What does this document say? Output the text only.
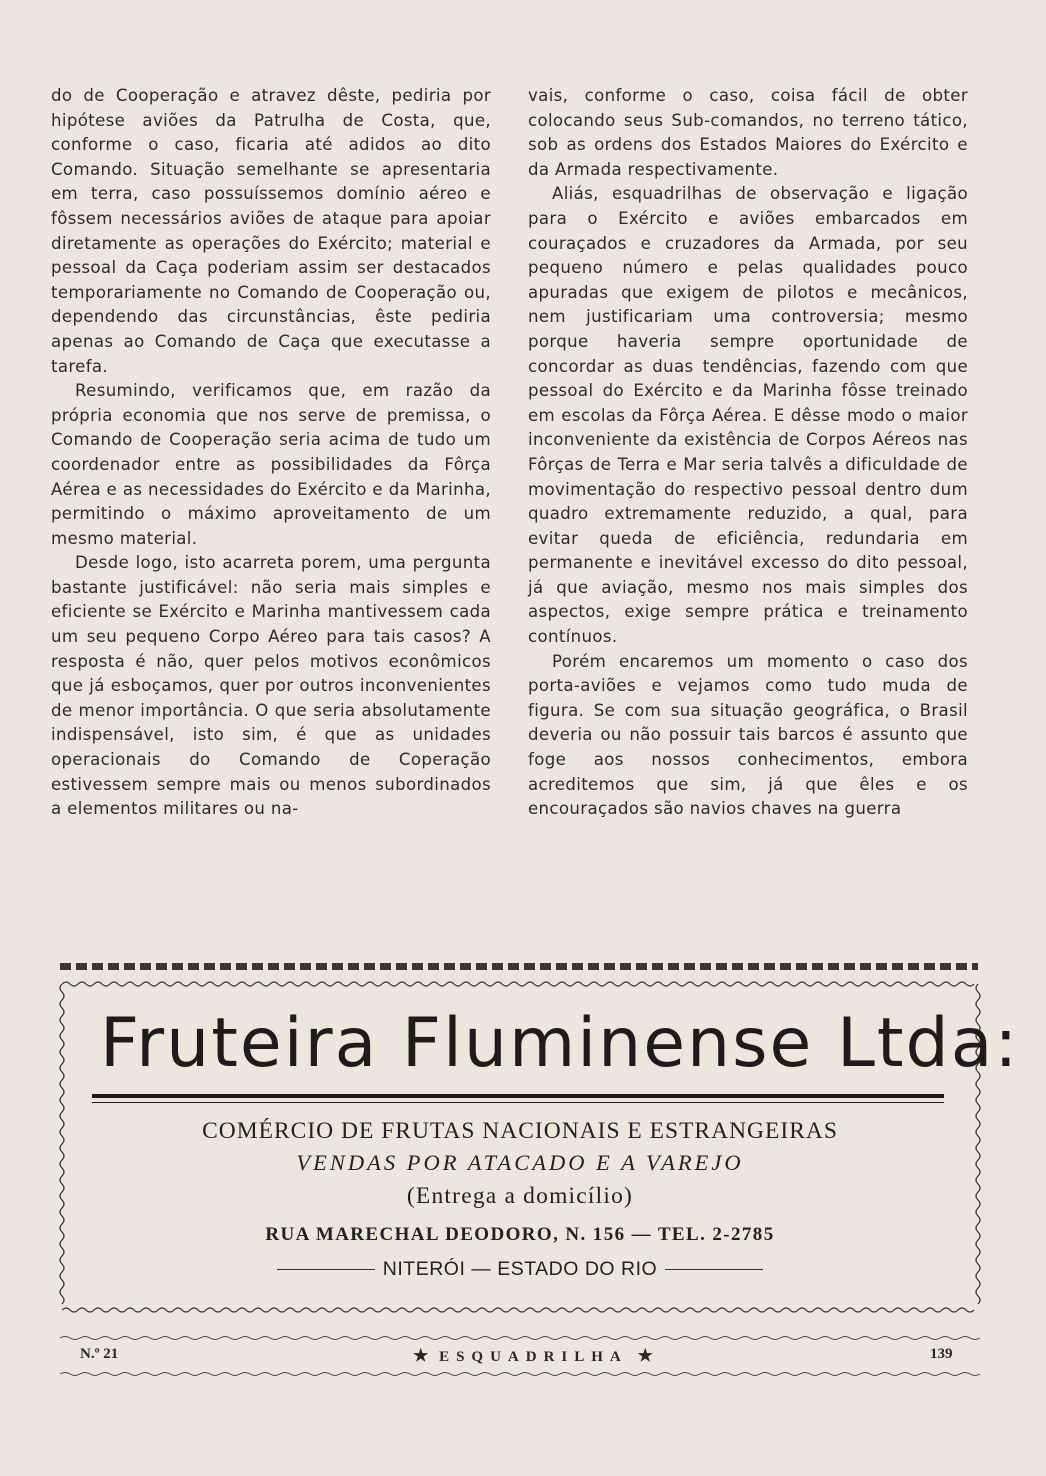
do de Cooperação e atravez dêste, pediria por hipótese aviões da Patrulha de Costa, que, conforme o caso, ficaria até adidos ao dito Comando. Situação semelhante se apresentaria em terra, caso possuíssemos domínio aéreo e fôssem necessários aviões de ataque para apoiar diretamente as operações do Exército; material e pessoal da Caça poderiam assim ser destacados temporariamente no Comando de Cooperação ou, dependendo das circunstâncias, êste pediria apenas ao Comando de Caça que executasse a tarefa.

Resumindo, verificamos que, em razão da própria economia que nos serve de premissa, o Comando de Cooperação seria acima de tudo um coordenador entre as possibilidades da Fôrça Aérea e as necessidades do Exército e da Marinha, permitindo o máximo aproveitamento de um mesmo material.

Desde logo, isto acarreta porem, uma pergunta bastante justificável: não seria mais simples e eficiente se Exército e Marinha mantivessem cada um seu pequeno Corpo Aéreo para tais casos? A resposta é não, quer pelos motivos econômicos que já esboçamos, quer por outros inconvenientes de menor importância. O que seria absolutamente indispensável, isto sim, é que as unidades operacionais do Comando de Coperação estivessem sempre mais ou menos subordinados a elementos militares ou na-

vais, conforme o caso, coisa fácil de obter colocando seus Sub-comandos, no terreno tático, sob as ordens dos Estados Maiores do Exército e da Armada respectivamente.

Aliás, esquadrilhas de observação e ligação para o Exército e aviões embarcados em couraçados e cruzadores da Armada, por seu pequeno número e pelas qualidades pouco apuradas que exigem de pilotos e mecânicos, nem justificariam uma controversia; mesmo porque haveria sempre oportunidade de concordar as duas tendências, fazendo com que pessoal do Exército e da Marinha fôsse treinado em escolas da Fôrça Aérea. E dêsse modo o maior inconveniente da existência de Corpos Aéreos nas Fôrças de Terra e Mar seria talvês a dificuldade de movimentação do respectivo pessoal dentro dum quadro extremamente reduzido, a qual, para evitar queda de eficiência, redundaria em permanente e inevitável excesso do dito pessoal, já que aviação, mesmo nos mais simples dos aspectos, exige sempre prática e treinamento contínuos.

Porém encaremos um momento o caso dos porta-aviões e vejamos como tudo muda de figura. Se com sua situação geográfica, o Brasil deveria ou não possuir tais barcos é assunto que foge aos nossos conhecimentos, embora acreditemos que sim, já que êles e os encouraçados são navios chaves na guerra

Fruteira Fluminense Ltda:
COMÉRCIO DE FRUTAS NACIONAIS E ESTRANGEIRAS
VENDAS POR ATACADO E A VAREJO
(Entrega a domicílio)
RUA MARECHAL DEODORO, N. 156 — TEL. 2-2785
NITERÓI — ESTADO DO RIO
N.º 21	★ ESQUADRILHA ★	139
